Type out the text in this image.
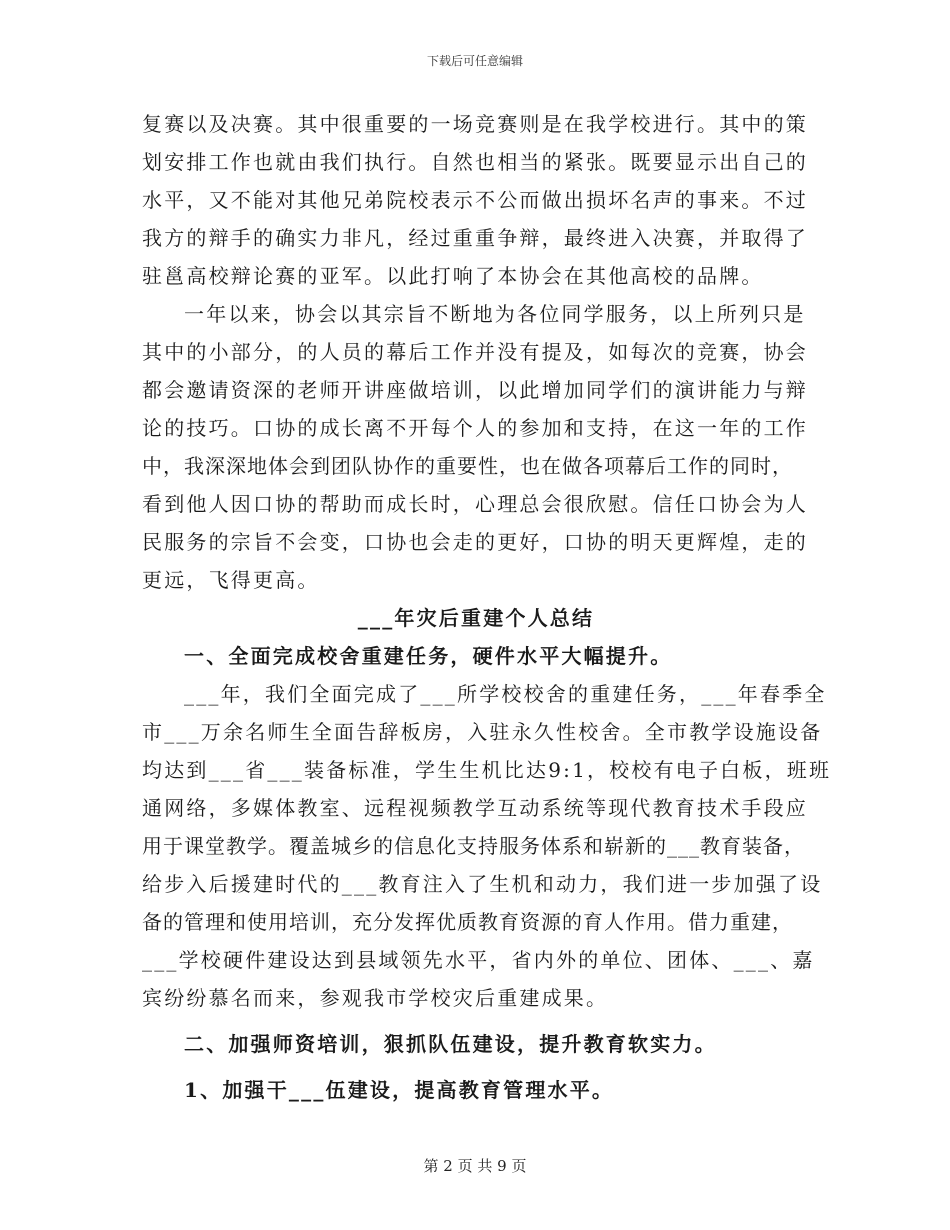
下载后可任意编辑
复赛以及决赛。其中很重要的一场竞赛则是在我学校进行。其中的策
划安排工作也就由我们执行。自然也相当的紧张。既要显示出自己的
水平，又不能对其他兄弟院校表示不公而做出损坏名声的事来。不过
我方的辩手的确实力非凡，经过重重争辩，最终进入决赛，并取得了
驻邕高校辩论赛的亚军。以此打响了本协会在其他高校的品牌。
一年以来，协会以其宗旨不断地为各位同学服务，以上所列只是
其中的小部分，的人员的幕后工作并没有提及，如每次的竞赛，协会
都会邀请资深的老师开讲座做培训，以此增加同学们的演讲能力与辩
论的技巧。口协的成长离不开每个人的参加和支持，在这一年的工作
中，我深深地体会到团队协作的重要性，也在做各项幕后工作的同时，
看到他人因口协的帮助而成长时，心理总会很欣慰。信任口协会为人
民服务的宗旨不会变，口协也会走的更好，口协的明天更辉煌，走的
更远，飞得更高。
___年灾后重建个人总结
一、全面完成校舍重建任务，硬件水平大幅提升。
___年，我们全面完成了___所学校校舍的重建任务，___年春季全
市___万余名师生全面告辞板房，入驻永久性校舍。全市教学设施设备
均达到___省___装备标准，学生生机比达9:1，校校有电子白板，班班
通网络，多媒体教室、远程视频教学互动系统等现代教育技术手段应
用于课堂教学。覆盖城乡的信息化支持服务体系和崭新的___教育装备，
给步入后援建时代的___教育注入了生机和动力，我们进一步加强了设
备的管理和使用培训，充分发挥优质教育资源的育人作用。借力重建，
___学校硬件建设达到县域领先水平，省内外的单位、团体、___、嘉
宾纷纷慕名而来，参观我市学校灾后重建成果。
二、加强师资培训，狠抓队伍建设，提升教育软实力。
1、加强干___伍建设，提高教育管理水平。
第 2 页 共 9 页
